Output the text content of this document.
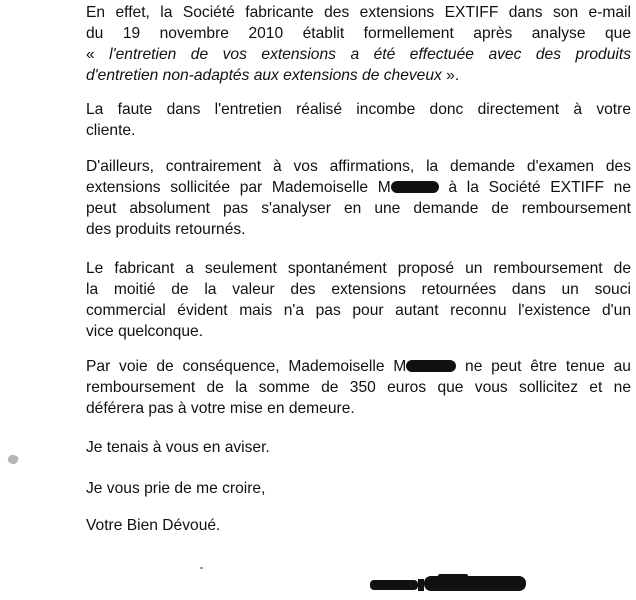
En effet, la Société fabricante des extensions EXTIFF dans son e-mail
du 19 novembre 2010 établit formellement après analyse que
« l'entretien de vos extensions a été effectuée avec des produits
d'entretien non-adaptés aux extensions de cheveux ».

La faute dans l'entretien réalisé incombe donc directement à votre
cliente.

D'ailleurs, contrairement à vos affirmations, la demande d'examen des
extensions sollicitée par Mademoiselle M	à la Société EXTIFF ne
peut absolument pas s'analyser en une demande de remboursement
des produits retournés.

Le fabricant a seulement spontanément proposé un remboursement de
la moitié de la valeur des extensions retournées dans un souci
commercial évident mais n'a pas pour autant reconnu l'existence d'un
vice quelconque.

Par voie de conséquence, Mademoiselle M	ne peut être tenue au
remboursement de la somme de 350 euros que vous sollicitez et ne
déférera pas à votre mise en demeure.

Je tenais à vous en aviser.

Je vous prie de me croire,

Votre Bien Dévoué.
